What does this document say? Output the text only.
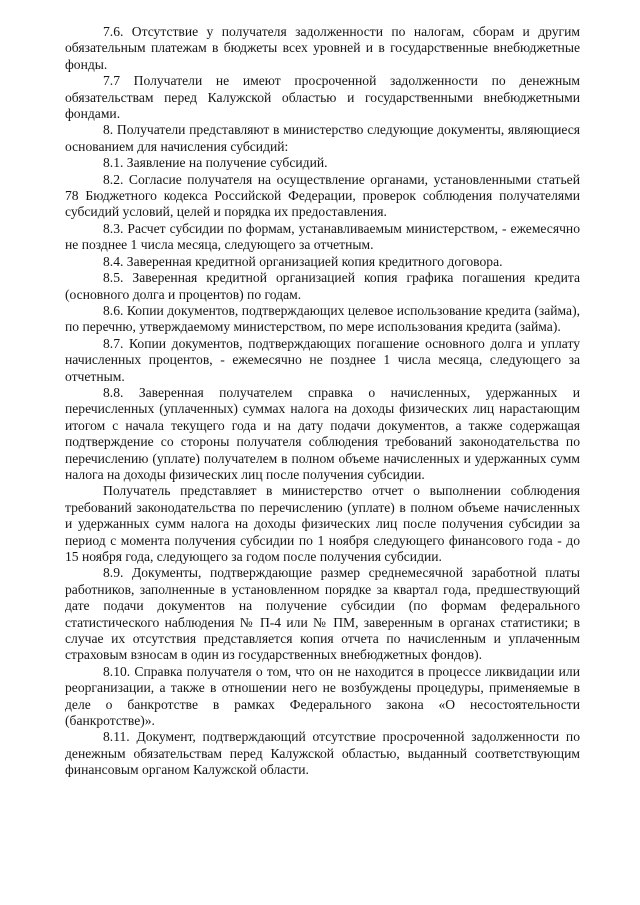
7.6. Отсутствие у получателя задолженности по налогам, сборам и другим обязательным платежам в бюджеты всех уровней и в государственные внебюджетные фонды.

7.7 Получатели не имеют просроченной задолженности по денежным обязательствам перед Калужской областью и государственными внебюджетными фондами.

8. Получатели представляют в министерство следующие документы, являющиеся основанием для начисления субсидий:

8.1. Заявление на получение субсидий.

8.2. Согласие получателя на осуществление органами, установленными статьей 78 Бюджетного кодекса Российской Федерации, проверок соблюдения получателями субсидий условий, целей и порядка их предоставления.

8.3. Расчет субсидии по формам, устанавливаемым министерством, - ежемесячно не позднее 1 числа месяца, следующего за отчетным.

8.4. Заверенная кредитной организацией копия кредитного договора.

8.5. Заверенная кредитной организацией копия графика погашения кредита (основного долга и процентов) по годам.

8.6. Копии документов, подтверждающих целевое использование кредита (займа), по перечню, утверждаемому министерством, по мере использования кредита (займа).

8.7. Копии документов, подтверждающих погашение основного долга и уплату начисленных процентов, - ежемесячно не позднее 1 числа месяца, следующего за отчетным.

8.8. Заверенная получателем справка о начисленных, удержанных и перечисленных (уплаченных) суммах налога на доходы физических лиц нарастающим итогом с начала текущего года и на дату подачи документов, а также содержащая подтверждение со стороны получателя соблюдения требований законодательства по перечислению (уплате) получателем в полном объеме начисленных и удержанных сумм налога на доходы физических лиц после получения субсидии.

Получатель представляет в министерство отчет о выполнении соблюдения требований законодательства по перечислению (уплате) в полном объеме начисленных и удержанных сумм налога на доходы физических лиц после получения субсидии за период с момента получения субсидии по 1 ноября следующего финансового года - до 15 ноября года, следующего за годом после получения субсидии.

8.9. Документы, подтверждающие размер среднемесячной заработной платы работников, заполненные в установленном порядке за квартал года, предшествующий дате подачи документов на получение субсидии (по формам федерального статистического наблюдения № П-4 или № ПМ, заверенным в органах статистики; в случае их отсутствия представляется копия отчета по начисленным и уплаченным страховым взносам в один из государственных внебюджетных фондов).

8.10. Справка получателя о том, что он не находится в процессе ликвидации или реорганизации, а также в отношении него не возбуждены процедуры, применяемые в деле о банкротстве в рамках Федерального закона «О несостоятельности (банкротстве)».

8.11. Документ, подтверждающий отсутствие просроченной задолженности по денежным обязательствам перед Калужской областью, выданный соответствующим финансовым органом Калужской области.
